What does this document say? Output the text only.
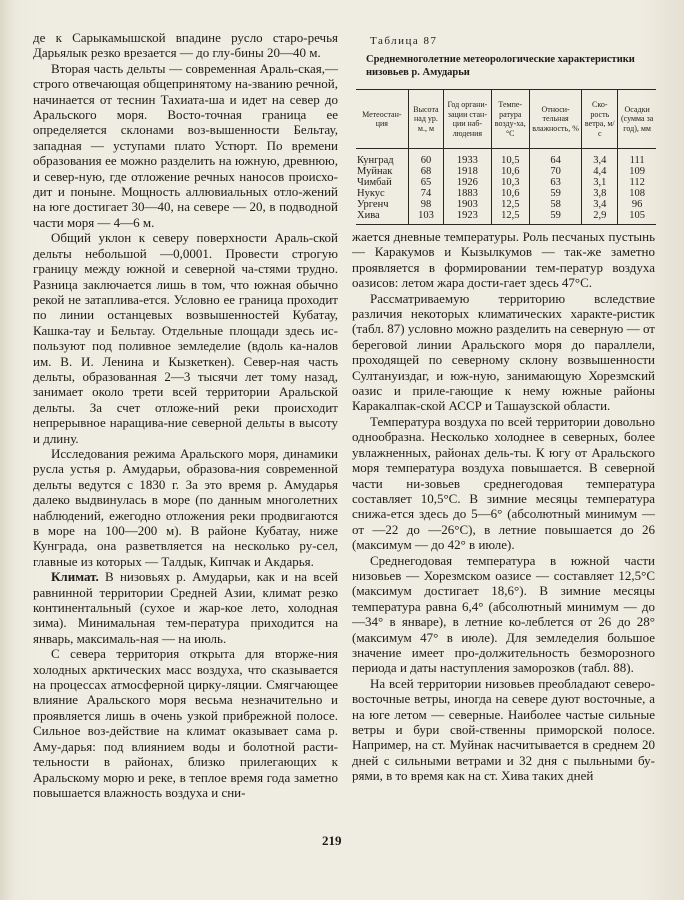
де к Сарыкамышской впадине русло старо-речья Дарьялык резко врезается — до глу-бины 20—40 м.

Вторая часть дельты — современная Араль-ская,—строго отвечающая общепринятому на-званию речной, начинается от теснин Тахиата-ша и идет на север до Аральского моря. Восто-точная граница ее определяется склонами воз-вышенности Бельтау, западная — уступами плато Устюрт. По времени образования ее можно разделить на южную, древнюю, и север-ную, где отложение речных наносов происхо-дит и поныне. Мощность аллювиальных отло-жений на юге достигает 30—40, на севере — 20, в подводной части моря — 4—6 м.

Общий уклон к северу поверхности Араль-ской дельты небольшой —0,0001. Провести строгую границу между южной и северной ча-стями трудно. Разница заключается лишь в том, что южная обычно рекой не затаплива-ется. Условно ее граница проходит по линии останцевых возвышенностей Кубатау, Кашка-тау и Бельтау. Отдельные площади здесь ис-пользуют под поливное земледелие (вдоль ка-налов им. В. И. Ленина и Кызкеткен). Север-ная часть дельты, образованная 2—3 тысячи лет тому назад, занимает около трети всей территории Аральской дельты. За счет отложе-ний реки происходит непрерывное наращива-ние северной дельты в высоту и длину.

Исследования режима Аральского моря, динамики русла устья р. Амударьи, образова-ния современной дельты ведутся с 1830 г. За это время р. Амударья далеко выдвинулась в море (по данным многолетних наблюдений, ежегодно отложения реки продвигаются в море на 100—200 м). В районе Кубатау, ниже Кунграда, она разветвляется на несколько ру-сел, главные из которых — Талдык, Кипчак и Акдарья.

Климат. В низовьях р. Амударьи, как и на всей равнинной территории Средней Азии, климат резко континентальный (сухое и жар-кое лето, холодная зима). Минимальная тем-пература приходится на январь, максималь-ная — на июль.

С севера территория открыта для вторже-ния холодных арктических масс воздуха, что сказывается на процессах атмосферной цирку-ляции. Смягчающее влияние Аральского моря весьма незначительно и проявляется лишь в очень узкой прибрежной полосе. Сильное воз-действие на климат оказывает сама р. Аму-дарья: под влиянием воды и болотной расти-тельности в районах, близко прилегающих к Аральскому морю и реке, в теплое время года заметно повышается влажность воздуха и сни-

Таблица 87
Среднемноголетние метеорологические характеристики низовьев р. Амударьи
Метеостан-ция	Высота над ур. м., м	Год органи-зации стан-ции наб-людения	Темпе-ратура возду-ха, °С	Относи-тельная влажность, %	Ско-рость ветра, м/с	Осадки (сумма за год), мм
Кунград	60	1933	10,5	64	3,4	111
Муйнак	68	1918	10,6	70	4,4	109
Чимбай	65	1926	10,3	63	3,1	112
Нукус	74	1883	10,6	59	3,8	108
Ургенч	98	1903	12,5	58	3,4	96
Хива	103	1923	12,5	59	2,9	105

жается дневные температуры. Роль песчаных пустынь — Каракумов и Кызылкумов — так-же заметно проявляется в формировании тем-ператур воздуха оазисов: летом жара дости-гает здесь 47°С.

Рассматриваемую территорию вследствие различия некоторых климатических характе-ристик (табл. 87) условно можно разделить на северную — от береговой линии Аральского моря до параллели, проходящей по северному склону возвышенности Султануиздаг, и юж-ную, занимающую Хорезмский оазис и приле-гающие к нему южные районы Каракалпак-ской АССР и Ташаузской области.

Температура воздуха по всей территории довольно однообразна. Несколько холоднее в северных, более увлажненных, районах дель-ты. К югу от Аральского моря температура воздуха повышается. В северной части ни-зовьев среднегодовая температура составляет 10,5°С. В зимние месяцы температура снижа-ется здесь до 5—6° (абсолютный минимум — от —22 до —26°С), в летние повышается до 26 (максимум — до 42° в июле).

Среднегодовая температура в южной части низовьев — Хорезмском оазисе — составляет 12,5°С (максимум достигает 18,6°). В зимние месяцы температура равна 6,4° (абсолютный минимум — до —34° в январе), в летние ко-леблется от 26 до 28° (максимум 47° в июле). Для земледелия большое значение имеет про-должительность безморозного периода и даты наступления заморозков (табл. 88).

На всей территории низовьев преобладают северо-восточные ветры, иногда на севере дуют восточные, а на юге летом — северные. Наиболее частые сильные ветры и бури свой-ственны приморской полосе. Например, на ст. Муйнак насчитывается в среднем 20 дней с сильными ветрами и 32 дня с пыльными бу-рями, в то время как на ст. Хива таких дней

219
